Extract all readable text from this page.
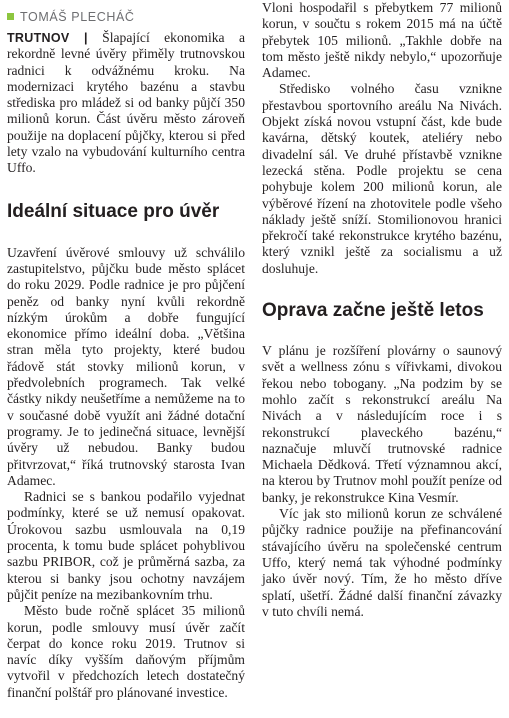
TOMÁŠ PLECHÁČ

TRUTNOV | Šlapající ekonomika a rekordně levné úvěry přiměly trutnovskou radnici k odvážnému kroku. Na modernizaci krytého bazénu a stavbu střediska pro mládež si od banky půjčí 350 milionů korun. Část úvěru město zároveň použije na doplacení půjčky, kterou si před lety vzalo na vybudování kulturního centra Uffo.

Ideální situace pro úvěr

Uzavření úvěrové smlouvy už schválilo zastupitelstvo, půjčku bude město splácet do roku 2029. Podle radnice je pro půjčení peněz od banky nyní kvůli rekordně nízkým úrokům a dobře fungující ekonomice přímo ideální doba. „Většina stran měla tyto projekty, které budou řádově stát stovky milionů korun, v předvolebních programech. Tak velké částky nikdy neušetříme a nemůžeme na to v současné době využít ani žádné dotační programy. Je to jedinečná situace, levnější úvěry už nebudou. Banky budou přitvrzovat,“ říká trutnovský starosta Ivan Adamec.

Radnici se s bankou podařilo vyjednat podmínky, které se už nemusí opakovat. Úrokovou sazbu usmlouvala na 0,19 procenta, k tomu bude splácet pohyblivou sazbu PRIBOR, což je průměrná sazba, za kterou si banky jsou ochotny navzájem půjčit peníze na mezibankovním trhu.

Město bude ročně splácet 35 milionů korun, podle smlouvy musí úvěr začít čerpat do konce roku 2019. Trutnov si navíc díky vyšším daňovým příjmům vytvořil v předchozích letech dostatečný finanční polštář pro plánované investice.

Vloni hospodařil s přebytkem 77 milionů korun, v součtu s rokem 2015 má na účtě přebytek 105 milionů. „Takhle dobře na tom město ještě nikdy nebylo,“ upozorňuje Adamec.

Středisko volného času vznikne přestavbou sportovního areálu Na Nivách. Objekt získá novou vstupní část, kde bude kavárna, dětský koutek, ateliéry nebo divadelní sál. Ve druhé přístavbě vznikne lezecká stěna. Podle projektu se cena pohybuje kolem 200 milionů korun, ale výběrové řízení na zhotovitele podle všeho náklady ještě sníží. Stomilionovou hranici překročí také rekonstrukce krytého bazénu, který vznikl ještě za socialismu a už dosluhuje.

Oprava začne ještě letos

V plánu je rozšíření plovárny o saunový svět a wellness zónu s vířivkami, divokou řekou nebo tobogany. „Na podzim by se mohlo začít s rekonstrukcí areálu Na Nivách a v následujícím roce i s rekonstrukcí plaveckého bazénu,“ naznačuje mluvčí trutnovské radnice Michaela Dědková. Třetí významnou akcí, na kterou by Trutnov mohl použít peníze od banky, je rekonstrukce Kina Vesmír.

Víc jak sto milionů korun ze schválené půjčky radnice použije na přefinancování stávajícího úvěru na společenské centrum Uffo, který nemá tak výhodné podmínky jako úvěr nový. Tím, že ho město dříve splatí, ušetří. Žádné další finanční závazky v tuto chvíli nemá.
